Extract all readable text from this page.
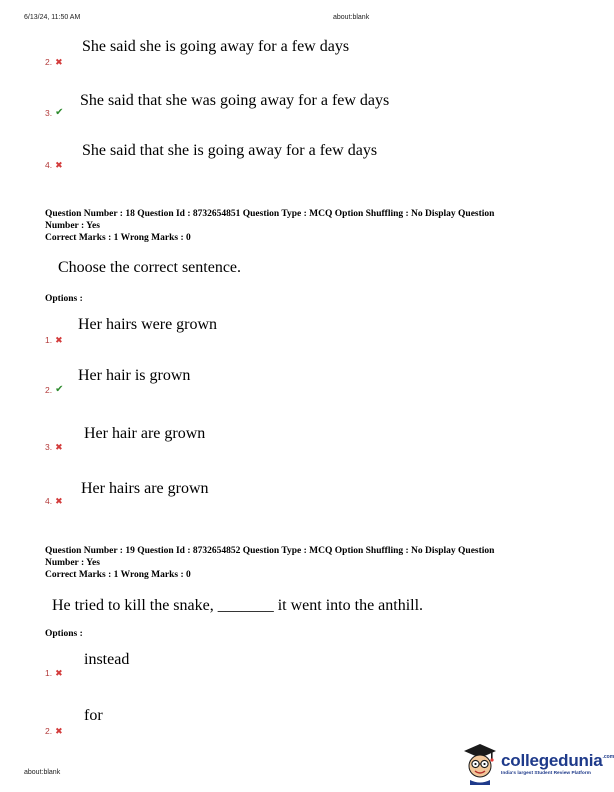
6/13/24, 11:50 AM	about:blank
She said she is going away for a few days
2. ✖
She said that she was going away for a few days
3. ✔
She said that she is going away for a few days
4. ✖
Question Number : 18 Question Id : 8732654851 Question Type : MCQ Option Shuffling : No Display Question
Number : Yes
Correct Marks : 1 Wrong Marks : 0
Choose the correct sentence.
Options :
Her hairs were grown
1. ✖
Her hair is grown
2. ✔
Her hair are grown
3. ✖
Her hairs are grown
4. ✖
Question Number : 19 Question Id : 8732654852 Question Type : MCQ Option Shuffling : No Display Question
Number : Yes
Correct Marks : 1 Wrong Marks : 0
He tried to kill the snake, _______ it went into the anthill.
Options :
instead
1. ✖
for
2. ✖
about:blank
collegedunia .com
India's largest Student Review Platform
